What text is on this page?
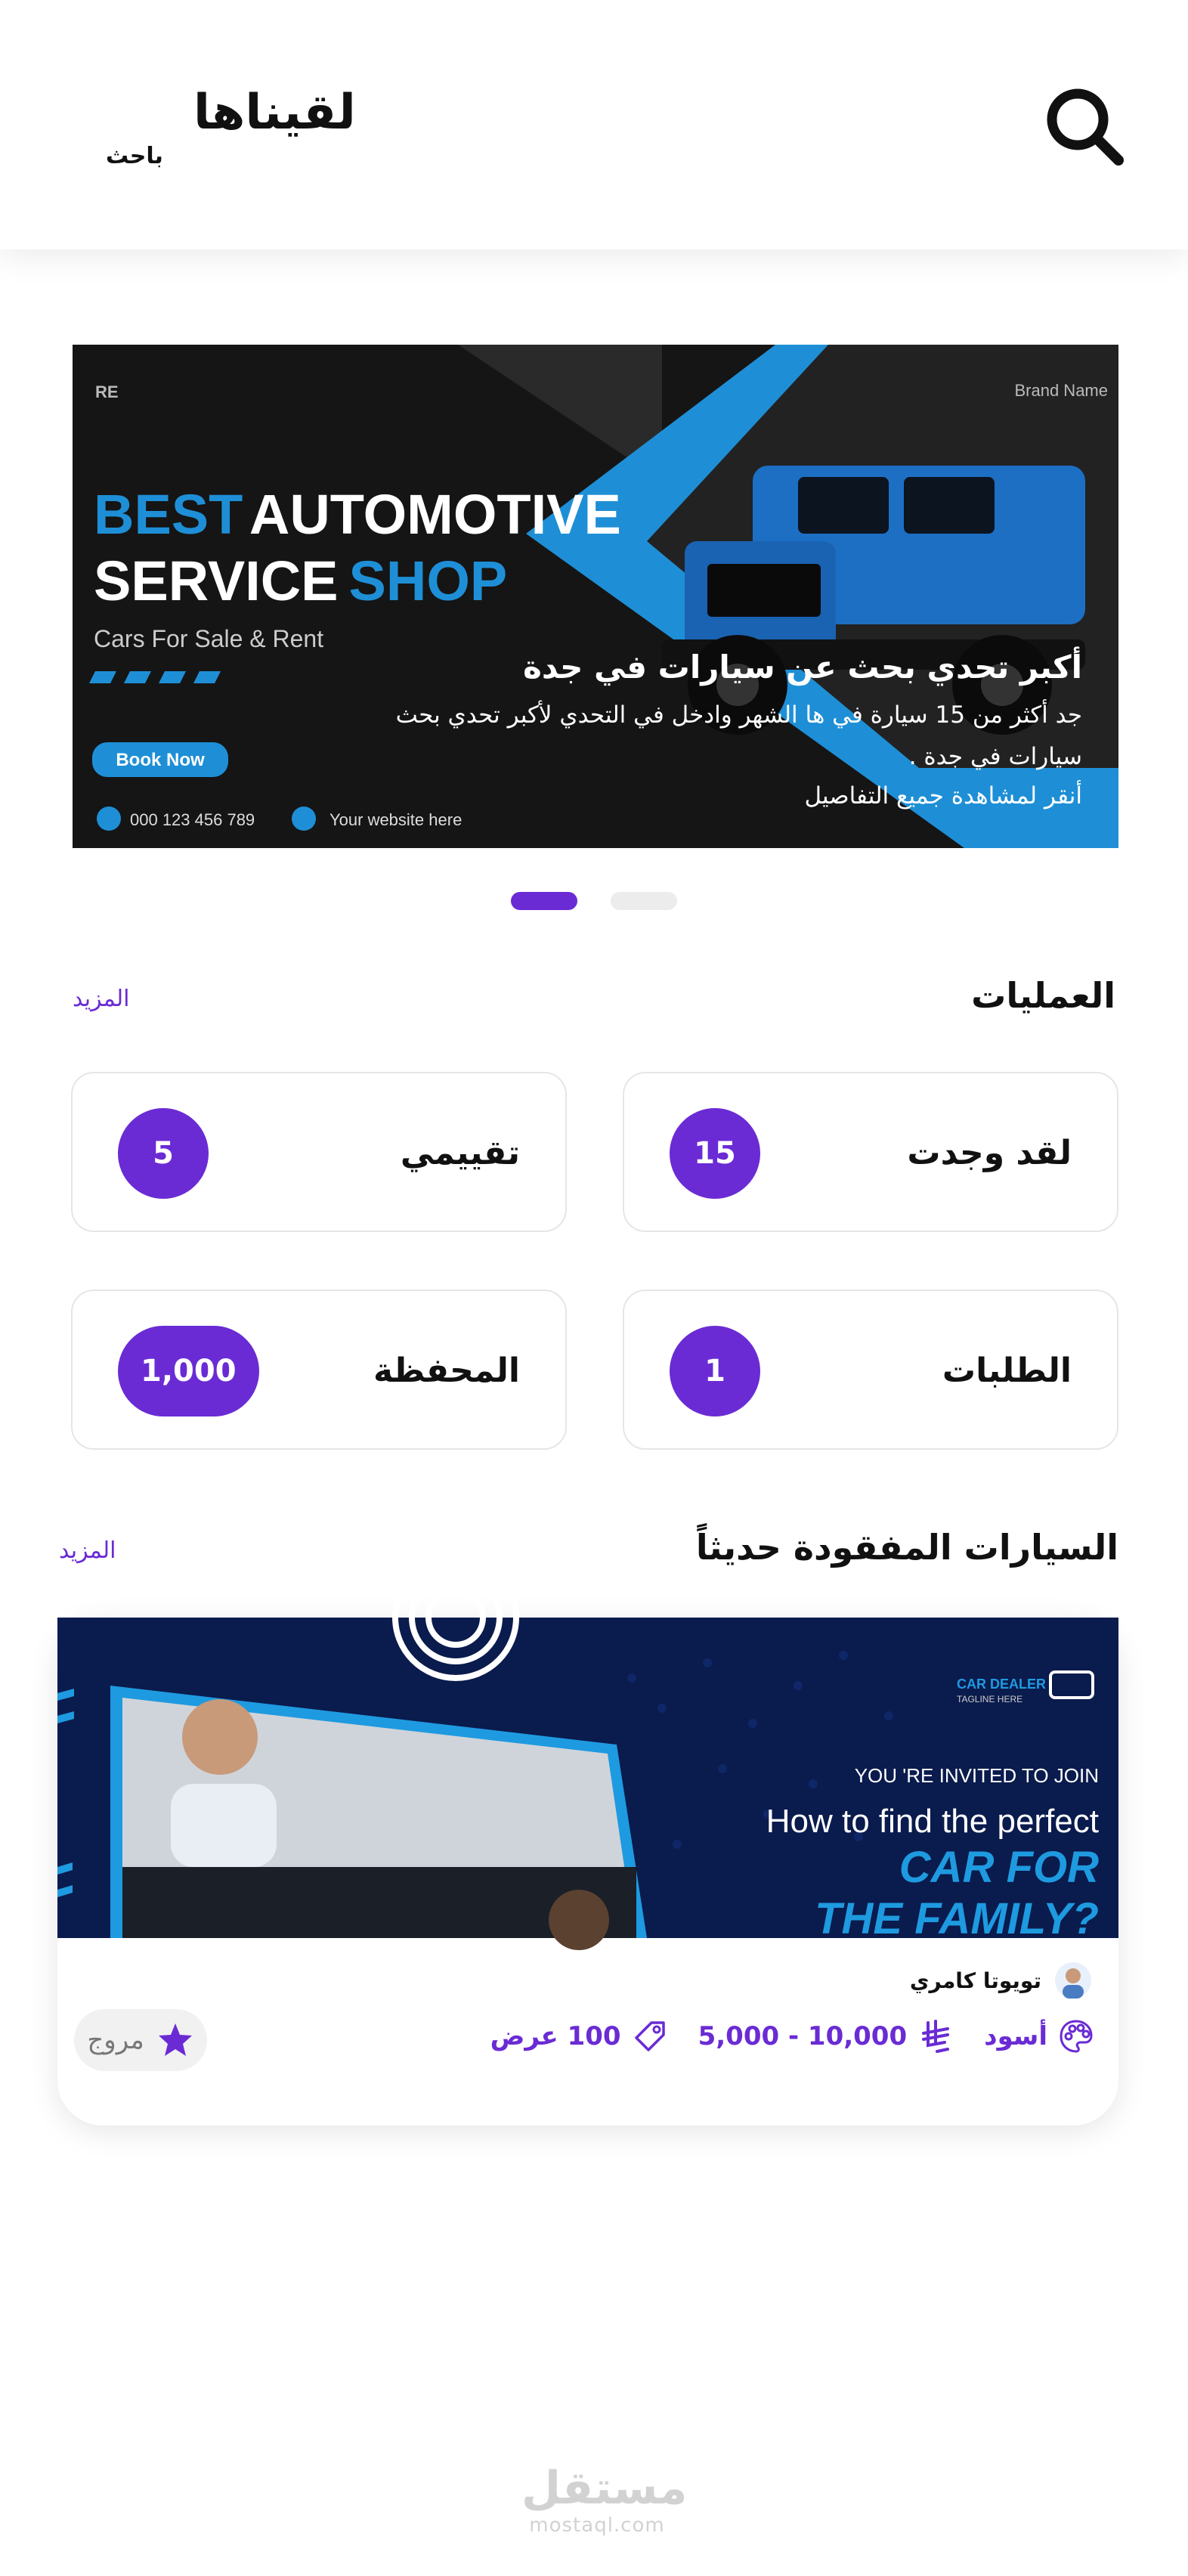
لقيناها
باحث
RE	Brand Name
BEST AUTOMOTIVE
SERVICE SHOP
Cars For Sale & Rent
Book Now
000 123 456 789	Your website here
أكبر تحدي بحث عن سيارات في جدة
جد أكثر من 15 سيارة في ها الشهر وادخل في التحدي لأكبر تحدي بحث سيارات في جدة .
أنقر لمشاهدة جميع التفاصيل
العمليات
المزيد
لقد وجدت
15
تقييمي
5
الطلبات
1
المحفظة
1,000
السيارات المفقودة حديثاً
المزيد
CAR DEALER
TAGLINE HERE
YOU 'RE INVITED TO JOIN
How to find the perfect
CAR FOR
THE FAMILY?
تويوتا كامري
أسود
5,000 - 10,000
100 عرض
مروج
مستقل
mostaql.com
